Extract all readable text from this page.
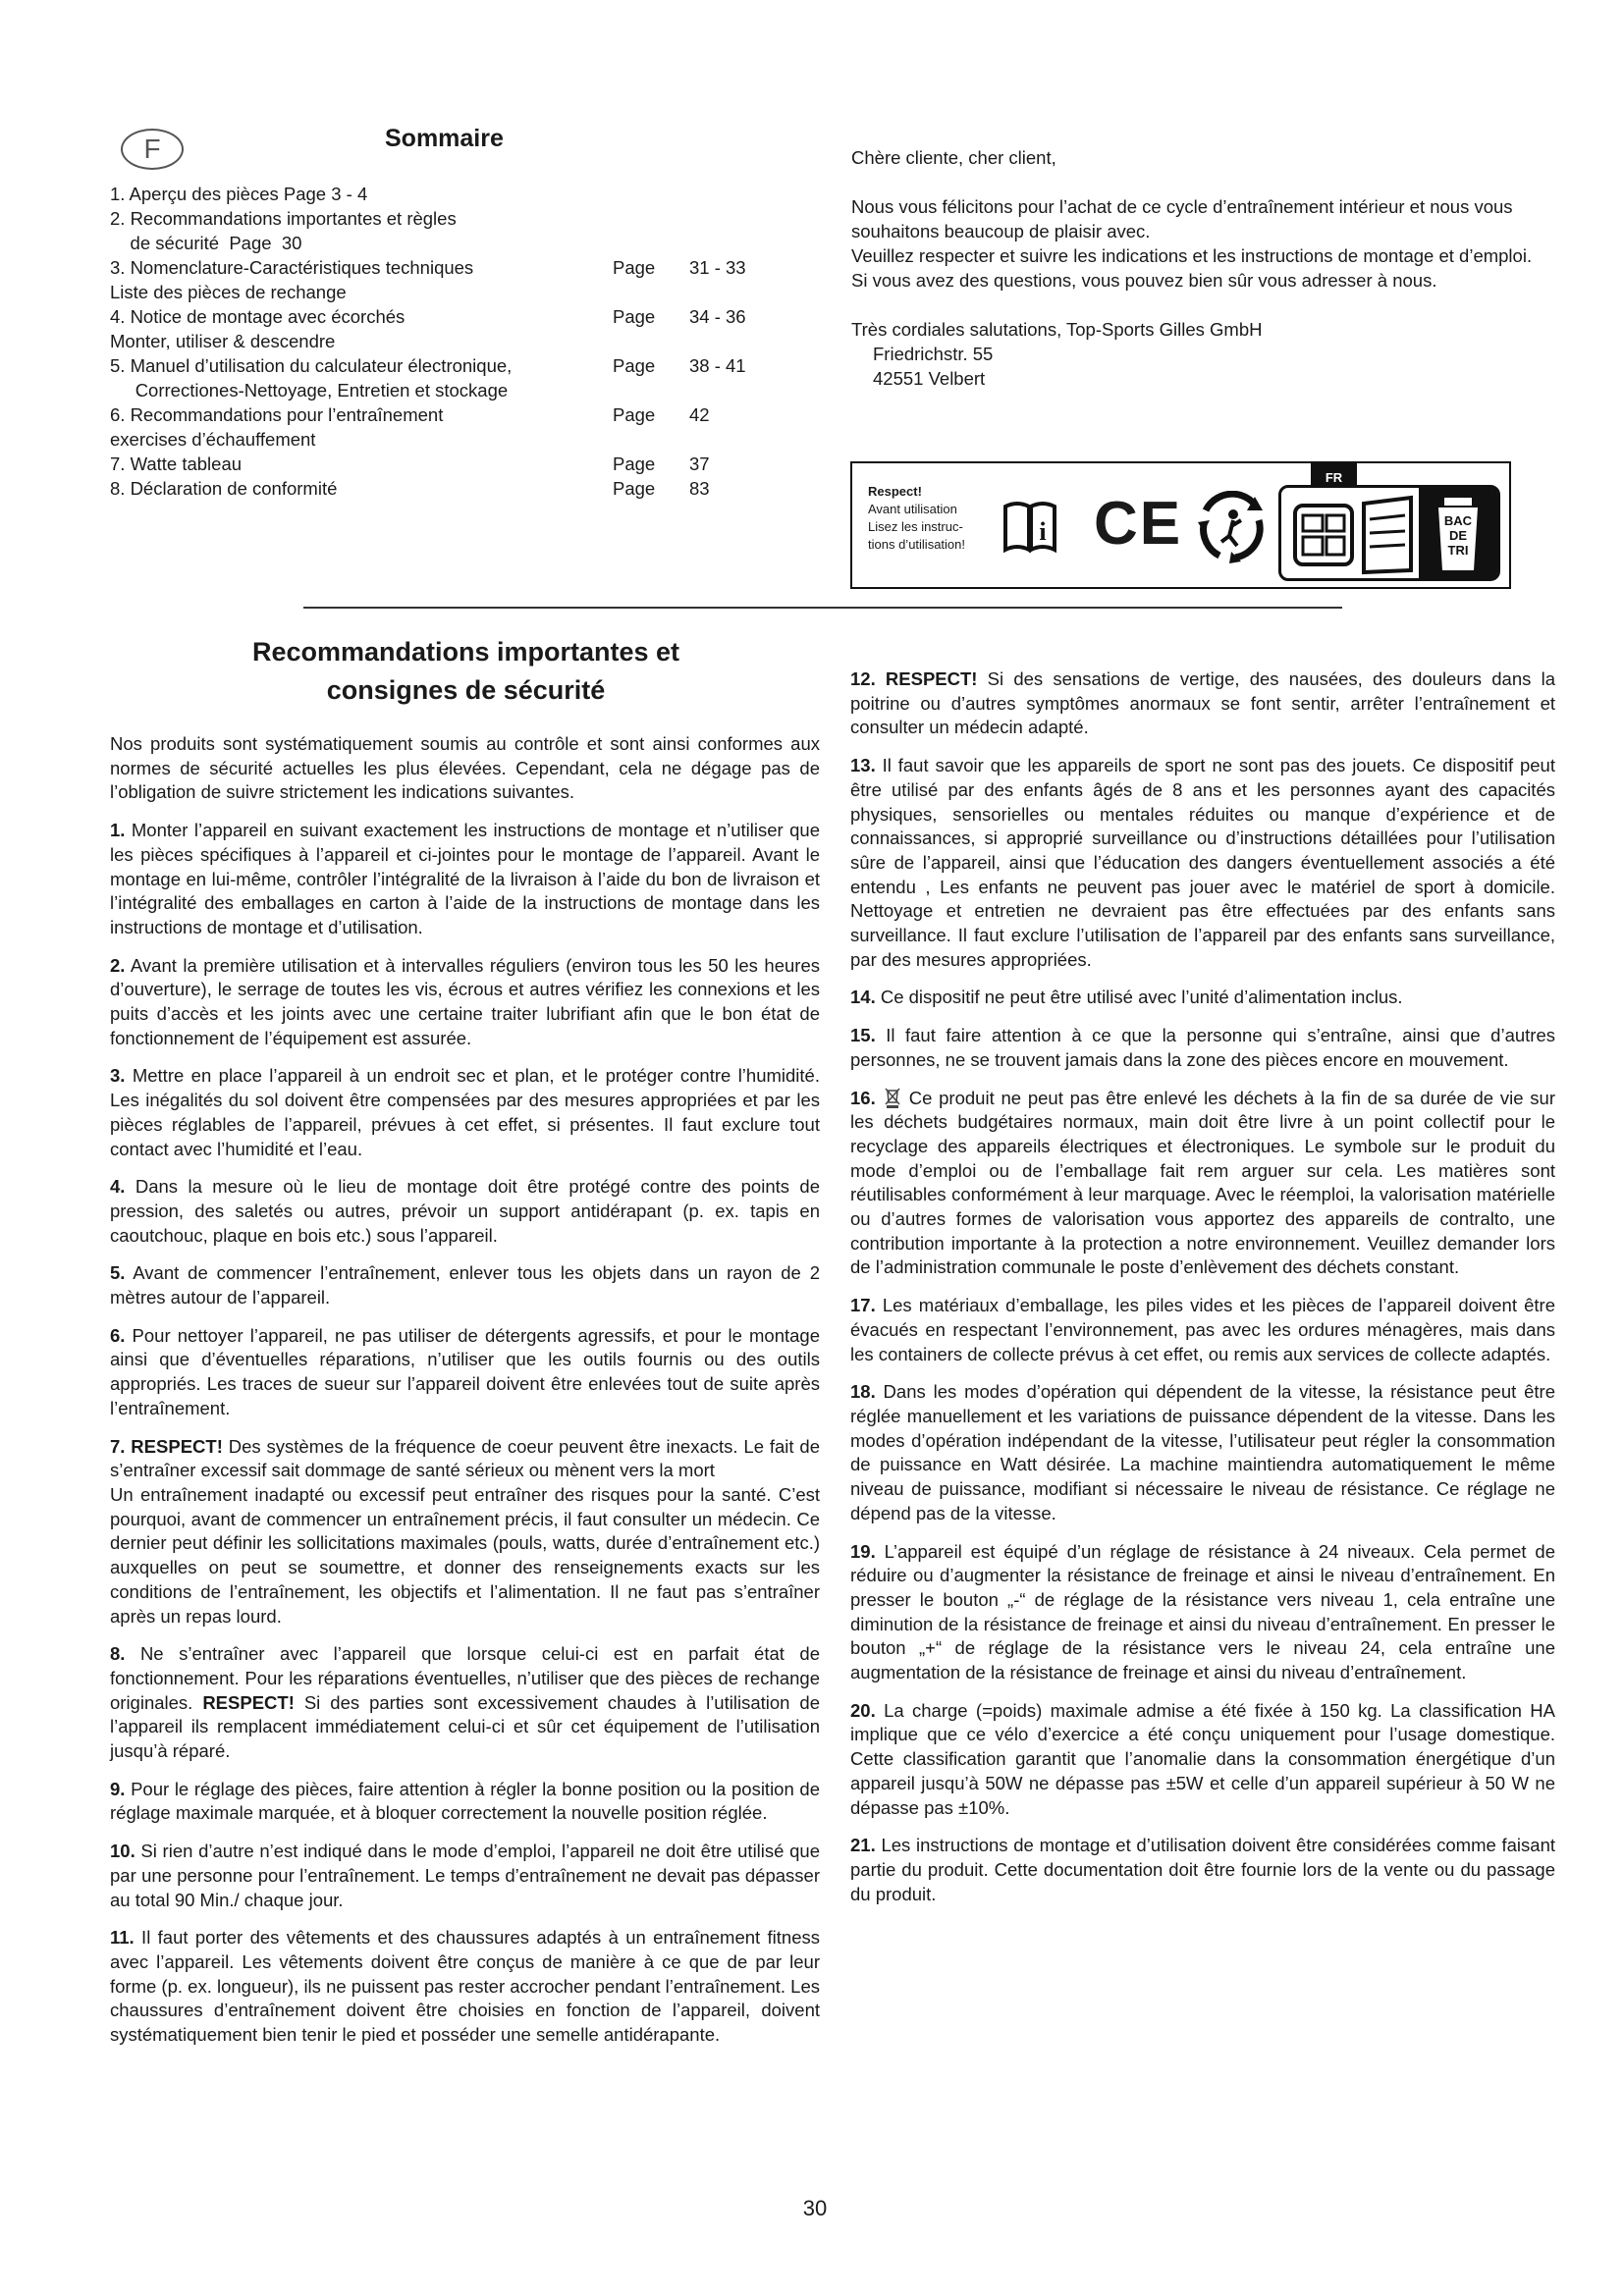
F	Sommaire
1. Aperçu des pièces Page 3 - 4
2. Recommandations importantes et règles
de sécurité  Page  30
3. Nomenclature-Caractéristiques techniques	Page 31 - 33
Liste des pièces de rechange
4. Notice de montage avec écorchés	Page 34 - 36
Monter, utiliser & descendre
5. Manuel d’utilisation du calculateur électronique,	Page 38 - 41
Correctiones-Nettoyage, Entretien et stockage
6. Recommandations pour l’entraînement	Page 42
exercises d’échauffement
7. Watte tableau	Page 37
8. Déclaration de conformité	Page 83

Chère cliente, cher client,

Nous vous félicitons pour l’achat de ce cycle d’entraînement intérieur et nous vous souhaitons beaucoup de plaisir avec.

Veuillez respecter et suivre les indications et les instructions de montage et d’emploi.

Si vous avez des questions, vous pouvez bien sûr vous adresser à nous.

Très cordiales salutations, Top-Sports Gilles GmbH

Friedrichstr. 55

42551 Velbert

Respect!
Avant utilisation
Lisez les instruc-
tions d’utilisation!	i CE
FR
BAC
DE
TRI
Recommandations importantes et
consignes de sécurité

Nos produits sont systématiquement soumis au contrôle et sont ainsi conformes aux normes de sécurité actuelles les plus élevées. Cependant, cela ne dégage pas de l’obligation de suivre strictement les indications suivantes.

1. Monter l’appareil en suivant exactement les instructions de montage et n’utiliser que les pièces spécifiques à l’appareil et ci-jointes pour le montage de l’appareil. Avant le montage en lui-même, contrôler l’intégralité de la livraison à l’aide du bon de livraison et l’intégralité des emballages en carton à l’aide de la instructions de montage dans les instructions de montage et d’utilisation.

2. Avant la première utilisation et à intervalles réguliers (environ tous les 50 les heures d’ouverture), le serrage de toutes les vis, écrous et autres vérifiez les connexions et les puits d’accès et les joints avec une certaine traiter lubrifiant afin que le bon état de fonctionnement de l’équipement est assurée.

3. Mettre en place l’appareil à un endroit sec et plan, et le protéger contre l’humidité. Les inégalités du sol doivent être compensées par des mesures appropriées et par les pièces réglables de l’appareil, prévues à cet effet, si présentes. Il faut exclure tout contact avec l’humidité et l’eau.

4. Dans la mesure où le lieu de montage doit être protégé contre des points de pression, des saletés ou autres, prévoir un support antidérapant (p. ex. tapis en caoutchouc, plaque en bois etc.) sous l’appareil.

5. Avant de commencer l’entraînement, enlever tous les objets dans un rayon de 2 mètres autour de l’appareil.

6. Pour nettoyer l’appareil, ne pas utiliser de détergents agressifs, et pour le montage ainsi que d’éventuelles réparations, n’utiliser que les outils fournis ou des outils appropriés. Les traces de sueur sur l’appareil doivent être enlevées tout de suite après l’entraînement.

7. RESPECT! Des systèmes de la fréquence de coeur peuvent être inexacts. Le fait de s’entraîner excessif sait dommage de santé sérieux ou mènent vers la mort
Un entraînement inadapté ou excessif peut entraîner des risques pour la santé. C’est pourquoi, avant de commencer un entraînement précis, il faut consulter un médecin. Ce dernier peut définir les sollicitations maximales (pouls, watts, durée d’entraînement etc.) auxquelles on peut se soumettre, et donner des renseignements exacts sur les conditions de l’entraînement, les objectifs et l’alimentation. Il ne faut pas s’entraîner après un repas lourd.

8. Ne s’entraîner avec l’appareil que lorsque celui-ci est en parfait état de fonctionnement. Pour les réparations éventuelles, n’utiliser que des pièces de rechange originales. RESPECT! Si des parties sont excessivement chaudes à l’utilisation de l’appareil ils remplacent immédiatement celui-ci et sûr cet équipement de l’utilisation jusqu’à réparé.

9. Pour le réglage des pièces, faire attention à régler la bonne position ou la position de réglage maximale marquée, et à bloquer correctement la nouvelle position réglée.

10. Si rien d’autre n’est indiqué dans le mode d’emploi, l’appareil ne doit être utilisé que par une personne pour l’entraînement. Le temps d’entraînement ne devait pas dépasser au total 90 Min./ chaque jour.

11. Il faut porter des vêtements et des chaussures adaptés à un entraînement fitness avec l’appareil. Les vêtements doivent être conçus de manière à ce que de par leur forme (p. ex. longueur), ils ne puissent pas rester accrocher pendant l’entraînement. Les chaussures d’entraînement doivent être choisies en fonction de l’appareil, doivent systématiquement bien tenir le pied et posséder une semelle antidérapante.

12. RESPECT! Si des sensations de vertige, des nausées, des douleurs dans la poitrine ou d’autres symptômes anormaux se font sentir, arrêter l’entraînement et consulter un médecin adapté.

13. Il faut savoir que les appareils de sport ne sont pas des jouets. Ce dispositif peut être utilisé par des enfants âgés de 8 ans et les personnes ayant des capacités physiques, sensorielles ou mentales réduites ou manque d’expérience et de connaissances, si approprié surveillance ou d’instructions détaillées pour l’utilisation sûre de l’appareil, ainsi que l’éducation des dangers éventuellement associés a été entendu , Les enfants ne peuvent pas jouer avec le matériel de sport à domicile. Nettoyage et entretien ne devraient pas être effectuées par des enfants sans surveillance. Il faut exclure l’utilisation de l’appareil par des enfants sans surveillance, par des mesures appropriées.

14. Ce dispositif ne peut être utilisé avec l’unité d’alimentation inclus.

15. Il faut faire attention à ce que la personne qui s’entraîne, ainsi que d’autres personnes, ne se trouvent jamais dans la zone des pièces encore en mouvement.

16. Ce produit ne peut pas être enlevé les déchets à la fin de sa durée de vie sur les déchets budgétaires normaux, main doit être livre à un point collectif pour le recyclage des appareils électriques et électroniques. Le symbole sur le produit du mode d’emploi ou de l’emballage fait rem arguer sur cela. Les matières sont réutilisables conformément à leur marquage. Avec le réemploi, la valorisation matérielle ou d’autres formes de valorisation vous apportez des appareils de contralto, une contribution importante à la protection a notre environnement. Veuillez demander lors de l’administration communale le poste d’enlèvement des déchets constant.

17. Les matériaux d’emballage, les piles vides et les pièces de l’appareil doivent être évacués en respectant l’environnement, pas avec les ordures ménagères, mais dans les containers de collecte prévus à cet effet, ou remis aux services de collecte adaptés.

18. Dans les modes d’opération qui dépendent de la vitesse, la résistance peut être réglée manuellement et les variations de puissance dépendent de la vitesse. Dans les modes d’opération indépendant de la vitesse, l’utilisateur peut régler la consommation de puissance en Watt désirée. La machine maintiendra automatiquement le même niveau de puissance, modifiant si nécessaire le niveau de résistance. Ce réglage ne dépend pas de la vitesse.

19. L’appareil est équipé d’un réglage de résistance à 24 niveaux. Cela permet de réduire ou d’augmenter la résistance de freinage et ainsi le niveau d’entraînement. En presser le bouton „-“ de réglage de la résistance vers niveau 1, cela entraîne une diminution de la résistance de freinage et ainsi du niveau d’entraînement. En presser le bouton „+“ de réglage de la résistance vers le niveau 24, cela entraîne une augmentation de la résistance de freinage et ainsi du niveau d’entraînement.

20. La charge (=poids) maximale admise a été fixée à 150 kg. La classification HA implique que ce vélo d’exercice a été conçu uniquement pour l’usage domestique. Cette classification garantit que l’anomalie dans la consommation énergétique d’un appareil jusqu’à 50W ne dépasse pas ±5W et celle d’un appareil supérieur à 50 W ne dépasse pas ±10%.

21. Les instructions de montage et d’utilisation doivent être considérées comme faisant partie du produit. Cette documentation doit être fournie lors de la vente ou du passage du produit.

30
